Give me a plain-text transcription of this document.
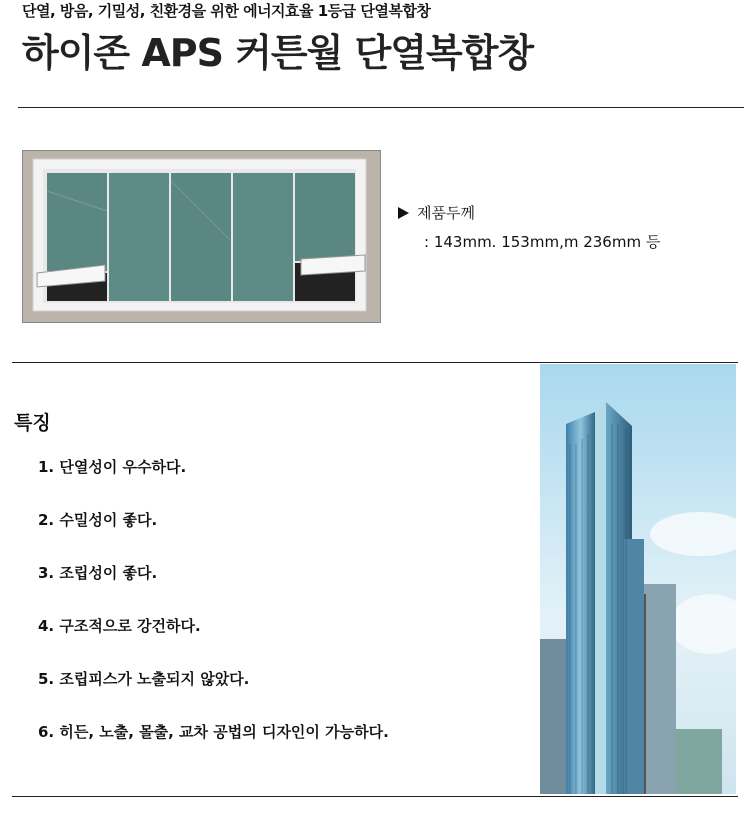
단열, 방음, 기밀성, 친환경을 위한 에너지효율 1등급 단열복합창
하이존 APS 커튼월 단열복합창
제품두께
: 143mm. 153mm,m 236mm 등
특징
1. 단열성이 우수하다.
2. 수밀성이 좋다.
3. 조립성이 좋다.
4. 구조적으로 강건하다.
5. 조립피스가 노출되지 않았다.
6. 히든, 노출, 몰출, 교차 공법의 디자인이 가능하다.
